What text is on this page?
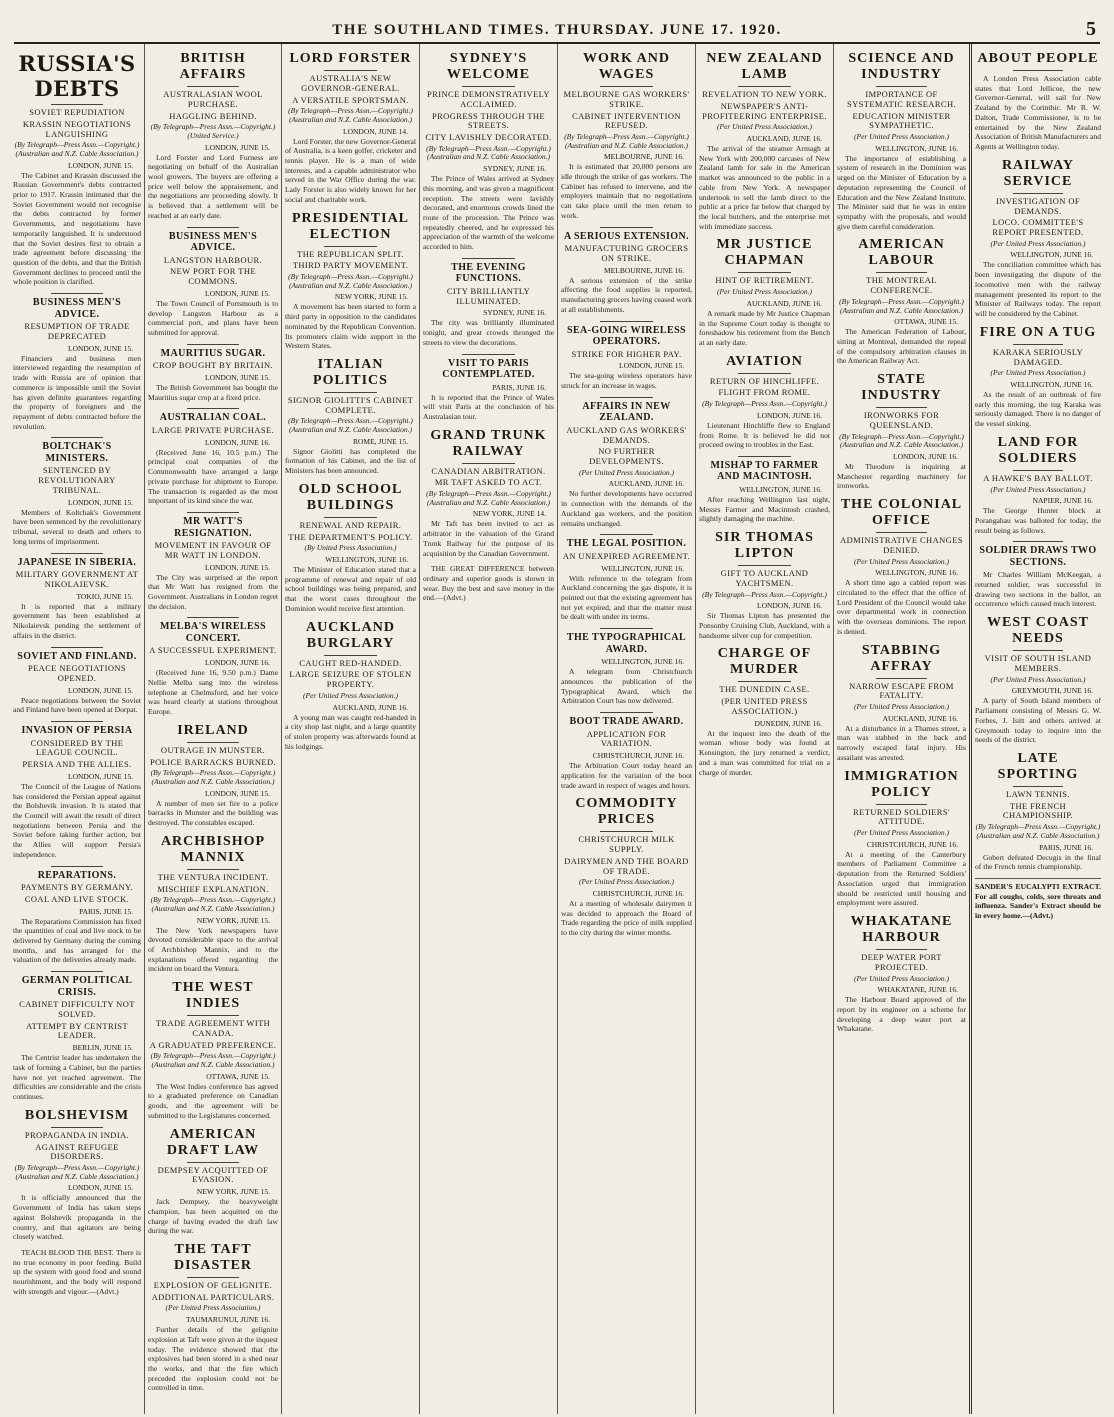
THE SOUTHLAND TIMES. THURSDAY. JUNE 17. 1920.	5
RUSSIA'S DEBTS
SOVIET REPUDIATION
KRASSIN NEGOTIATIONS LANGUISHING
(By Telegraph—Press Assn.—Copyright.) (Australian and N.Z. Cable Association.)
LONDON, JUNE 15.

The Cabinet and Krassin discussed the Russian Government's debts contracted prior to 1917. Krassin intimated that the Soviet Government would not recognise the debts contracted by former Governments, and negotiations have temporarily languished. It is understood that the Soviet desires first to obtain a trade agreement before discussing the question of the debts, and that the British Government declines to proceed until the whole position is clarified.

BUSINESS MEN'S ADVICE.
RESUMPTION OF TRADE DEPRECATED
LONDON, JUNE 15.

Financiers and business men interviewed regarding the resumption of trade with Russia are of opinion that commerce is impossible until the Soviet has given definite guarantees regarding the property of foreigners and the repayment of debts contracted before the revolution.

BOLTCHAK'S MINISTERS.
SENTENCED BY REVOLUTIONARY TRIBUNAL.
LONDON, JUNE 15.

Members of Koltchak's Government have been sentenced by the revolutionary tribunal, several to death and others to long terms of imprisonment.

JAPANESE IN SIBERIA.
MILITARY GOVERNMENT AT NIKOLAIEVSK.
TOKIO, JUNE 15.

It is reported that a military government has been established at Nikolaievsk pending the settlement of affairs in the district.

SOVIET AND FINLAND.
PEACE NEGOTIATIONS OPENED.
LONDON, JUNE 15.

Peace negotiations between the Soviet and Finland have been opened at Dorpat.

INVASION OF PERSIA
CONSIDERED BY THE LEAGUE COUNCIL.
PERSIA AND THE ALLIES.
LONDON, JUNE 15.

The Council of the League of Nations has considered the Persian appeal against the Bolshevik invasion. It is stated that the Council will await the result of direct negotiations between Persia and the Soviet before taking further action, but the Allies will support Persia's independence.

REPARATIONS.
PAYMENTS BY GERMANY.
COAL AND LIVE STOCK.
PARIS, JUNE 15.

The Reparations Commission has fixed the quantities of coal and live stock to be delivered by Germany during the coming months, and has arranged for the valuation of the deliveries already made.

GERMAN POLITICAL CRISIS.
CABINET DIFFICULTY NOT SOLVED.
ATTEMPT BY CENTRIST LEADER.
BERLIN, JUNE 15.

The Centrist leader has undertaken the task of forming a Cabinet, but the parties have not yet reached agreement. The difficulties are considerable and the crisis continues.

BOLSHEVISM
PROPAGANDA IN INDIA.
AGAINST REFUGEE DISORDERS.
(By Telegraph—Press Assn.—Copyright.) (Australian and N.Z. Cable Association.)
LONDON, JUNE 15.

It is officially announced that the Government of India has taken steps against Bolshevik propaganda in the country, and that agitators are being closely watched.

TEACH BLOOD THE BEST. There is no true economy in poor feeding. Build up the system with good food and sound nourishment, and the body will respond with strength and vigour.—(Advt.)

BRITISH AFFAIRS
AUSTRALASIAN WOOL PURCHASE.
HAGGLING BEHIND.
(By Telegraph—Press Assn.—Copyright.) (United Service.)
LONDON, JUNE 15.

Lord Forster and Lord Furness are negotiating on behalf of the Australian wool growers. The buyers are offering a price well below the appraisement, and the negotiations are proceeding slowly. It is believed that a settlement will be reached at an early date.

BUSINESS MEN'S ADVICE.
LANGSTON HARBOUR.
NEW PORT FOR THE COMMONS.
LONDON, JUNE 15.

The Town Council of Portsmouth is to develop Langston Harbour as a commercial port, and plans have been submitted for approval.

MAURITIUS SUGAR.
CROP BOUGHT BY BRITAIN.
LONDON, JUNE 15.

The British Government has bought the Mauritius sugar crop at a fixed price.

AUSTRALIAN COAL.
LARGE PRIVATE PURCHASE.
LONDON, JUNE 16.

(Received June 16, 10.5 p.m.) The principal coal companies of the Commonwealth have arranged a large private purchase for shipment to Europe. The transaction is regarded as the most important of its kind since the war.

MR WATT'S RESIGNATION.
MOVEMENT IN FAVOUR OF MR WATT IN LONDON.
LONDON, JUNE 15.

The City was surprised at the report that Mr Watt has resigned from the Government. Australians in London regret the decision.

MELBA'S WIRELESS CONCERT.
A SUCCESSFUL EXPERIMENT.
LONDON, JUNE 16.

(Received June 16, 9.50 p.m.) Dame Nellie Melba sang into the wireless telephone at Chelmsford, and her voice was heard clearly at stations throughout Europe.

IRELAND
OUTRAGE IN MUNSTER.
POLICE BARRACKS BURNED.
(By Telegraph—Press Assn.—Copyright.) (Australian and N.Z. Cable Association.)
LONDON, JUNE 15.

A number of men set fire to a police barracks in Munster and the building was destroyed. The constables escaped.

ARCHBISHOP MANNIX
THE VENTURA INCIDENT.
MISCHIEF EXPLANATION.
(By Telegraph—Press Assn.—Copyright.) (Australian and N.Z. Cable Association.)
NEW YORK, JUNE 15.

The New York newspapers have devoted considerable space to the arrival of Archbishop Mannix, and to the explanations offered regarding the incident on board the Ventura.

THE WEST INDIES
TRADE AGREEMENT WITH CANADA.
A GRADUATED PREFERENCE.
(By Telegraph—Press Assn.—Copyright.) (Australian and N.Z. Cable Association.)
OTTAWA, JUNE 15.

The West Indies conference has agreed to a graduated preference on Canadian goods, and the agreement will be submitted to the Legislatures concerned.

AMERICAN DRAFT LAW
DEMPSEY ACQUITTED OF EVASION.
NEW YORK, JUNE 15.

Jack Dempsey, the heavyweight champion, has been acquitted on the charge of having evaded the draft law during the war.

THE TAFT DISASTER
EXPLOSION OF GELIGNITE.
ADDITIONAL PARTICULARS.
(Per United Press Association.)
TAUMARUNUI, JUNE 16.

Further details of the gelignite explosion at Taft were given at the inquest today. The evidence showed that the explosives had been stored in a shed near the works, and that the fire which preceded the explosion could not be controlled in time.

LORD FORSTER
AUSTRALIA'S NEW GOVERNOR-GENERAL.
A VERSATILE SPORTSMAN.
(By Telegraph—Press Assn.—Copyright.) (Australian and N.Z. Cable Association.)
LONDON, JUNE 14.

Lord Forster, the new Governor-General of Australia, is a keen golfer, cricketer and tennis player. He is a man of wide interests, and a capable administrator who served in the War Office during the war. Lady Forster is also widely known for her social and charitable work.

PRESIDENTIAL ELECTION
THE REPUBLICAN SPLIT.
THIRD PARTY MOVEMENT.
(By Telegraph—Press Assn.—Copyright.) (Australian and N.Z. Cable Association.)
NEW YORK, JUNE 15.

A movement has been started to form a third party in opposition to the candidates nominated by the Republican Convention. Its promoters claim wide support in the Western States.

ITALIAN POLITICS
SIGNOR GIOLITTI'S CABINET COMPLETE.
(By Telegraph—Press Assn.—Copyright.) (Australian and N.Z. Cable Association.)
ROME, JUNE 15.

Signor Giolitti has completed the formation of his Cabinet, and the list of Ministers has been announced.

OLD SCHOOL BUILDINGS
RENEWAL AND REPAIR.
THE DEPARTMENT'S POLICY.
(By United Press Association.)
WELLINGTON, JUNE 16.

The Minister of Education stated that a programme of renewal and repair of old school buildings was being prepared, and that the worst cases throughout the Dominion would receive first attention.

AUCKLAND BURGLARY
CAUGHT RED-HANDED.
LARGE SEIZURE OF STOLEN PROPERTY.
(Per United Press Association.)
AUCKLAND, JUNE 16.

A young man was caught red-handed in a city shop last night, and a large quantity of stolen property was afterwards found at his lodgings.

SYDNEY'S WELCOME
PRINCE DEMONSTRATIVELY ACCLAIMED.
PROGRESS THROUGH THE STREETS.
CITY LAVISHLY DECORATED.
(By Telegraph—Press Assn.—Copyright.) (Australian and N.Z. Cable Association.)
SYDNEY, JUNE 16.

The Prince of Wales arrived at Sydney this morning, and was given a magnificent reception. The streets were lavishly decorated, and enormous crowds lined the route of the procession. The Prince was repeatedly cheered, and he expressed his appreciation of the warmth of the welcome accorded to him.

THE EVENING FUNCTIONS.
CITY BRILLIANTLY ILLUMINATED.
SYDNEY, JUNE 16.

The city was brilliantly illuminated tonight, and great crowds thronged the streets to view the decorations.

VISIT TO PARIS CONTEMPLATED.
PARIS, JUNE 16.

It is reported that the Prince of Wales will visit Paris at the conclusion of his Australasian tour.

GRAND TRUNK RAILWAY
CANADIAN ARBITRATION.
MR TAFT ASKED TO ACT.
(By Telegraph—Press Assn.—Copyright.) (Australian and N.Z. Cable Association.)
NEW YORK, JUNE 14.

Mr Taft has been invited to act as arbitrator in the valuation of the Grand Trunk Railway for the purpose of its acquisition by the Canadian Government.

THE GREAT DIFFERENCE between ordinary and superior goods is shown in wear. Buy the best and save money in the end.—(Advt.)

WORK AND WAGES
MELBOURNE GAS WORKERS' STRIKE.
CABINET INTERVENTION REFUSED.
(By Telegraph—Press Assn.—Copyright.) (Australian and N.Z. Cable Association.)
MELBOURNE, JUNE 16.

It is estimated that 20,000 persons are idle through the strike of gas workers. The Cabinet has refused to intervene, and the employers maintain that no negotiations can take place until the men return to work.

A SERIOUS EXTENSION.
MANUFACTURING GROCERS ON STRIKE.
MELBOURNE, JUNE 16.

A serious extension of the strike affecting the food supplies is reported, manufacturing grocers having ceased work at all establishments.

SEA-GOING WIRELESS OPERATORS.
STRIKE FOR HIGHER PAY.
LONDON, JUNE 15.

The sea-going wireless operators have struck for an increase in wages.

AFFAIRS IN NEW ZEALAND.
AUCKLAND GAS WORKERS' DEMANDS.
NO FURTHER DEVELOPMENTS.
(Per United Press Association.)
AUCKLAND, JUNE 16.

No further developments have occurred in connection with the demands of the Auckland gas workers, and the position remains unchanged.

THE LEGAL POSITION.
AN UNEXPIRED AGREEMENT.
WELLINGTON, JUNE 16.

With reference to the telegram from Auckland concerning the gas dispute, it is pointed out that the existing agreement has not yet expired, and that the matter must be dealt with under its terms.

THE TYPOGRAPHICAL AWARD.
WELLINGTON, JUNE 16.

A telegram from Christchurch announces the publication of the Typographical Award, which the Arbitration Court has now delivered.

BOOT TRADE AWARD.
APPLICATION FOR VARIATION.
CHRISTCHURCH, JUNE 16.

The Arbitration Court today heard an application for the variation of the boot trade award in respect of wages and hours.

COMMODITY PRICES
CHRISTCHURCH MILK SUPPLY.
DAIRYMEN AND THE BOARD OF TRADE.
(Per United Press Association.)
CHRISTCHURCH, JUNE 16.

At a meeting of wholesale dairymen it was decided to approach the Board of Trade regarding the price of milk supplied to the city during the winter months.

NEW ZEALAND LAMB
REVELATION TO NEW YORK.
NEWSPAPER'S ANTI-PROFITEERING ENTERPRISE.
(Per United Press Association.)
AUCKLAND, JUNE 16.

The arrival of the steamer Armagh at New York with 200,000 carcases of New Zealand lamb for sale in the American market was announced to the public in a cable from New York. A newspaper undertook to sell the lamb direct to the public at a price far below that charged by the local butchers, and the enterprise met with immediate success.

MR JUSTICE CHAPMAN
HINT OF RETIREMENT.
(Per United Press Association.)
AUCKLAND, JUNE 16.

A remark made by Mr Justice Chapman in the Supreme Court today is thought to foreshadow his retirement from the Bench at an early date.

AVIATION
RETURN OF HINCHLIFFE.
FLIGHT FROM ROME.
(By Telegraph—Press Assn.—Copyright.)
LONDON, JUNE 16.

Lieutenant Hinchliffe flew to England from Rome. It is believed he did not proceed owing to troubles in the East.

MISHAP TO FARMER AND MACINTOSH.
WELLINGTON, JUNE 16.

After reaching Wellington last night, Messrs Farmer and Macintosh crashed, slightly damaging the machine.

SIR THOMAS LIPTON
GIFT TO AUCKLAND YACHTSMEN.
(By Telegraph—Press Assn.—Copyright.)
LONDON, JUNE 16.

Sir Thomas Lipton has presented the Ponsonby Cruising Club, Auckland, with a handsome silver cup for competition.

CHARGE OF MURDER
THE DUNEDIN CASE.
(PER UNITED PRESS ASSOCIATION.)
DUNEDIN, JUNE 16.

At the inquest into the death of the woman whose body was found at Kensington, the jury returned a verdict, and a man was committed for trial on a charge of murder.

SCIENCE AND INDUSTRY
IMPORTANCE OF SYSTEMATIC RESEARCH.
EDUCATION MINISTER SYMPATHETIC.
(Per United Press Association.)
WELLINGTON, JUNE 16.

The importance of establishing a system of research in the Dominion was urged on the Minister of Education by a deputation representing the Council of Education and the New Zealand Institute. The Minister said that he was in entire sympathy with the proposals, and would give them careful consideration.

AMERICAN LABOUR
THE MONTREAL CONFERENCE.
(By Telegraph—Press Assn.—Copyright.) (Australian and N.Z. Cable Association.)
OTTAWA, JUNE 15.

The American Federation of Labour, sitting at Montreal, demanded the repeal of the compulsory arbitration clauses in the American Railway Act.

STATE INDUSTRY
IRONWORKS FOR QUEENSLAND.
(By Telegraph—Press Assn.—Copyright.) (Australian and N.Z. Cable Association.)
LONDON, JUNE 16.

Mr Theodore is inquiring at Manchester regarding machinery for ironworks.

THE COLONIAL OFFICE
ADMINISTRATIVE CHANGES DENIED.
(Per United Press Association.)
WELLINGTON, JUNE 16.

A short time ago a cabled report was circulated to the effect that the office of Lord President of the Council would take over departmental work in connection with the overseas dominions. The report is denied.

STABBING AFFRAY
NARROW ESCAPE FROM FATALITY.
(Per United Press Association.)
AUCKLAND, JUNE 16.

At a disturbance in a Thames street, a man was stabbed in the back and narrowly escaped fatal injury. His assailant was arrested.

IMMIGRATION POLICY
RETURNED SOLDIERS' ATTITUDE.
(Per United Press Association.)
CHRISTCHURCH, JUNE 16.

At a meeting of the Canterbury members of Parliament Committee a deputation from the Returned Soldiers' Association urged that immigration should be restricted until housing and employment were assured.

WHAKATANE HARBOUR
DEEP WATER PORT PROJECTED.
(Per United Press Association.)
WHAKATANE, JUNE 16.

The Harbour Board approved of the report by its engineer on a scheme for developing a deep water port at Whakatane.

ABOUT PEOPLE

A London Press Association cable states that Lord Jellicoe, the new Governor-General, will sail for New Zealand by the Corinthic. Mr R. W. Dalton, Trade Commissioner, is to be entertained by the New Zealand Association of British Manufacturers and Agents at Wellington today.

RAILWAY SERVICE
INVESTIGATION OF DEMANDS.
LOCO. COMMITTEE'S REPORT PRESENTED.
(Per United Press Association.)
WELLINGTON, JUNE 16.

The conciliation committee which has been investigating the dispute of the locomotive men with the railway management presented its report to the Minister of Railways today. The report will be considered by the Cabinet.

FIRE ON A TUG
KARAKA SERIOUSLY DAMAGED.
(Per United Press Association.)
WELLINGTON, JUNE 16.

As the result of an outbreak of fire early this morning, the tug Karaka was seriously damaged. There is no danger of the vessel sinking.

LAND FOR SOLDIERS
A HAWKE'S BAY BALLOT.
(Per United Press Association.)
NAPIER, JUNE 16.

The George Hunter block at Porangahau was balloted for today, the result being as follows.

SOLDIER DRAWS TWO SECTIONS.

Mr Charles William McKeegan, a returned soldier, was successful in drawing two sections in the ballot, an occurrence which caused much interest.

WEST COAST NEEDS
VISIT OF SOUTH ISLAND MEMBERS.
(Per United Press Association.)
GREYMOUTH, JUNE 16.

A party of South Island members of Parliament consisting of Messrs G. W. Forbes, J. Isitt and others arrived at Greymouth today to inquire into the needs of the district.

LATE SPORTING
LAWN TENNIS.
THE FRENCH CHAMPIONSHIP.
(By Telegraph—Press Assn.—Copyright.) (Australian and N.Z. Cable Association.)
PARIS, JUNE 16.

Gobert defeated Decugis in the final of the French tennis championship.

SANDER'S EUCALYPTI EXTRACT. For all coughs, colds, sore throats and influenza. Sander's Extract should be in every home.—(Advt.)
